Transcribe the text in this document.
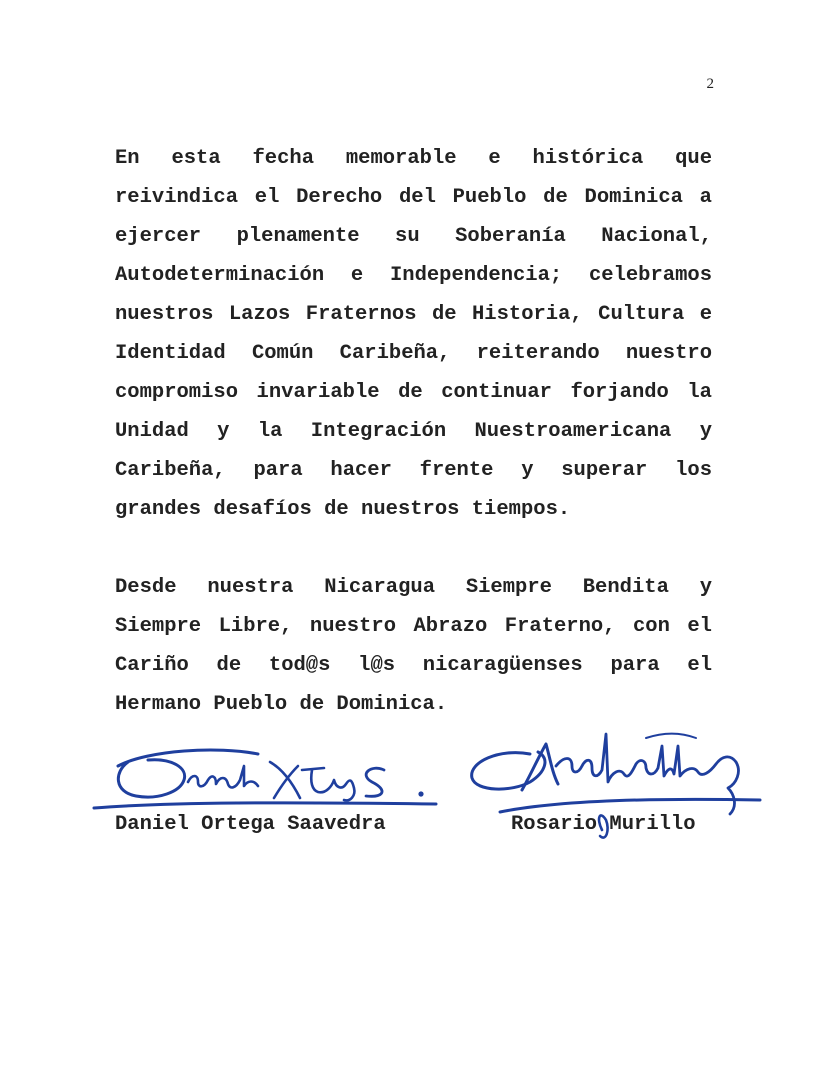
2

En esta fecha memorable e histórica que reivindica el Derecho del Pueblo de Dominica a ejercer plenamente su Soberanía Nacional, Autodeterminación e Independencia; celebramos nuestros Lazos Fraternos de Historia, Cultura e Identidad Común Caribeña, reiterando nuestro compromiso invariable de continuar forjando la Unidad y la Integración Nuestroamericana y Caribeña, para hacer frente y superar los grandes desafíos de nuestros tiempos.

Desde nuestra Nicaragua Siempre Bendita y Siempre Libre, nuestro Abrazo Fraterno, con el Cariño de tod@s l@s nicaragüenses para el Hermano Pueblo de Dominica.

Daniel Ortega Saavedra	Rosario Murillo
